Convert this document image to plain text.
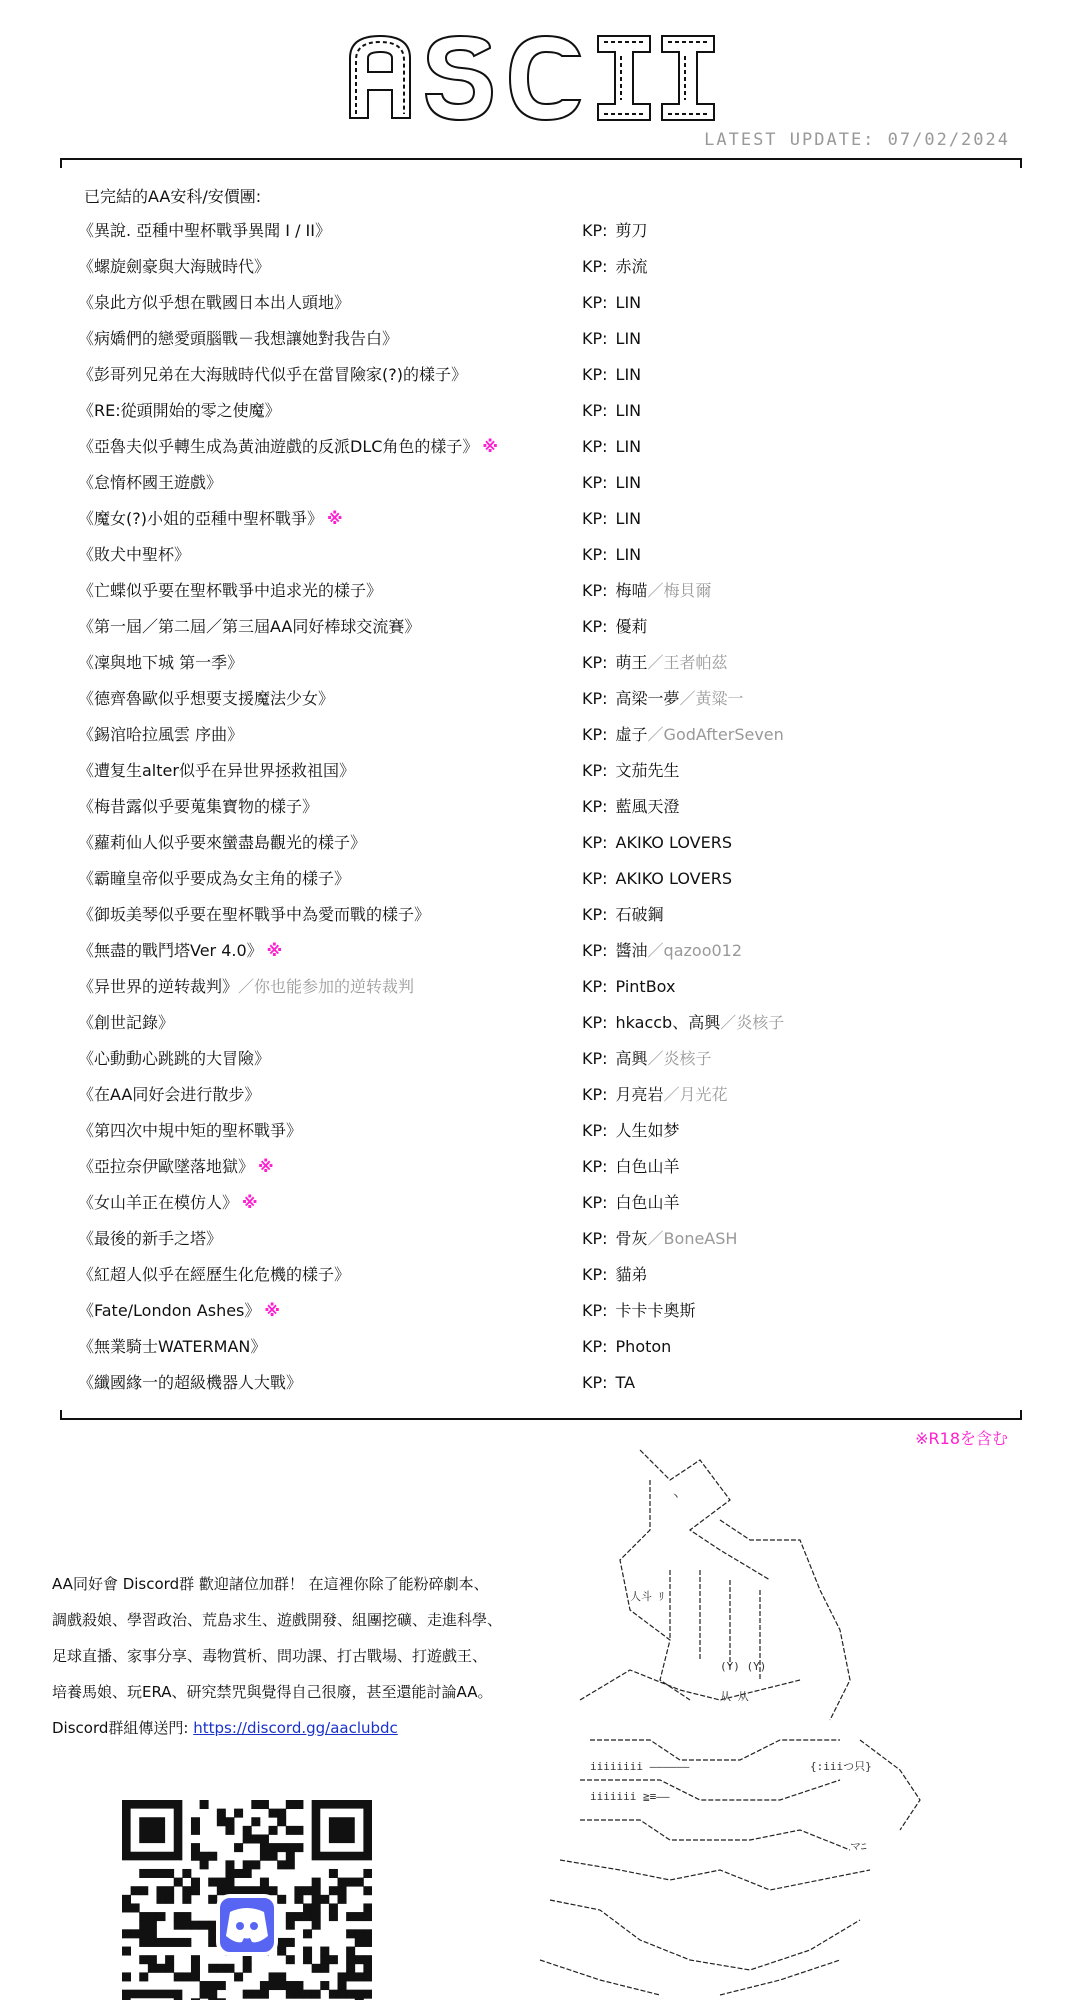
LATEST UPDATE: 07/02/2024
已完結的AA安科/安價團:
《異說. 亞種中聖杯戰爭異聞 I / II》	KP: 剪刀
《螺旋劍豪與大海賊時代》	KP: 赤流
《泉此方似乎想在戰國日本出人頭地》	KP: LIN
《病嬌們的戀愛頭腦戰－我想讓她對我告白》	KP: LIN
《彭哥列兄弟在大海賊時代似乎在當冒險家(?)的樣子》	KP: LIN
《RE:從頭開始的零之使魔》	KP: LIN
《亞魯夫似乎轉生成為黃油遊戲的反派DLC角色的樣子》 ※	KP: LIN
《怠惰杯國王遊戲》	KP: LIN
《魔女(?)小姐的亞種中聖杯戰爭》 ※	KP: LIN
《敗犬中聖杯》	KP: LIN
《亡蝶似乎要在聖杯戰爭中追求光的樣子》	KP: 梅喵／梅貝爾
《第一屆／第二屆／第三屆AA同好棒球交流賽》	KP: 優莉
《凜與地下城 第一季》	KP: 萌王／王者帕茲
《德齊魯歐似乎想要支援魔法少女》	KP: 高梁一夢／黃粱一
《錫涫哈拉風雲 序曲》	KP: 虛子／GodAfterSeven
《遭复生alter似乎在异世界拯救祖国》	KP: 文茄先生
《梅昔露似乎要蒐集寶物的樣子》	KP: 藍風天澄
《蘿莉仙人似乎要來蠻盡島觀光的樣子》	KP: AKIKO LOVERS
《霸瞳皇帝似乎要成為女主角的樣子》	KP: AKIKO LOVERS
《御坂美琴似乎要在聖杯戰爭中為愛而戰的樣子》	KP: 石破鋼
《無盡的戰鬥塔Ver 4.0》 ※	KP: 醬油／qazoo012
《异世界的逆转裁判》／你也能参加的逆转裁判	KP: PintBox
《創世記錄》	KP: hkaccb、高興／炎核子
《心動動心跳跳的大冒險》	KP: 高興／炎核子
《在AA同好会进行散步》	KP: 月亮岩／月光花
《第四次中規中矩的聖杯戰爭》	KP: 人生如梦
《亞拉奈伊歐墜落地獄》 ※	KP: 白色山羊
《女山羊正在模仿人》 ※	KP: 白色山羊
《最後的新手之塔》	KP: 骨灰／BoneASH
《紅超人似乎在經歷生化危機的樣子》	KP: 貓弟
《Fate/London Ashes》 ※	KP: 卡卡卡奧斯
《無業騎士WATERMAN》	KP: Photon
《纖國緣一的超級機器人大戰》	KP: TA
※R18を含む

AA同好會 Discord群 歡迎諸位加群！ 在這裡你除了能粉碎劇本、

調戲殺娘、學習政治、荒島求生、遊戲開發、組團挖礦、走進科學、

足球直播、家事分享、毒物賞析、問功課、打古戰場、打遊戲王、

培養馬娘、玩ERA、研究禁咒與覺得自己很廢，甚至還能討論AA。

Discord群組傳送門: https://discord.gg/aaclubdc

丶
人斗 ﾘ
(Y) (Y)
从 从
iiiiiiii ‒‒‒‒‒‒
iiiiiii ≧≡‒‒
{:iiiつ只}
マﾆ
